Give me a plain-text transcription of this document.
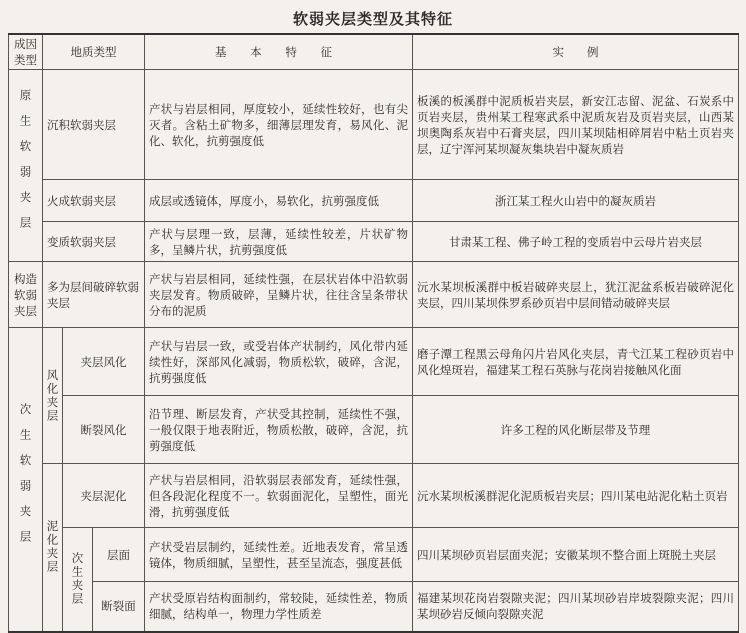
软弱夹层类型及其特征
成因
类型	地质类型			基 本 特 征	实　　例

原生软弱夹层	沉积软弱夹层			产状与岩层相同，厚度较小，延续性较好，也有尖灭者。含粘土矿物多，细薄层理发育，易风化、泥化、软化，抗剪强度低	板溪的板溪群中泥质板岩夹层，新安江志留、泥盆、石炭系中页岩夹层，贵州某工程寒武系中泥质灰岩及页岩夹层，山西某坝奥陶系灰岩中石膏夹层，四川某坝陆相碎屑岩中粘土页岩夹层，辽宁浑河某坝凝灰集块岩中凝灰质岩
	火成软弱夹层			成层或透镜体，厚度小，易软化，抗剪强度低	浙江某工程火山岩中的凝灰质岩
	变质软弱夹层			产状与层理一致，层薄，延续性较差，片状矿物多，呈鳞片状，抗剪强度低	甘肃某工程、佛子岭工程的变质岩中云母片岩夹层
构造软弱夹层	多为层间破碎软弱夹层			产状与岩层相同，延续性强，在层状岩体中沿软弱夹层发育。物质破碎，呈鳞片状，往往含呈条带状分布的泥质	沅水某坝板溪群中板岩破碎夹层上，犹江泥盆系板岩破碎泥化夹层，四川某坝侏罗系砂页岩中层间错动破碎夹层

次生软弱夹层	风化夹层	夹层风化		产状与岩层一致，或受岩体产状制约，风化带内延续性好，深部风化减弱，物质松软，破碎，含泥，抗剪强度低	磨子潭工程黑云母角闪片岩风化夹层，青弋江某工程砂页岩中风化煌斑岩，福建某工程石英脉与花岗岩接触风化面
		断裂风化		沿节理、断层发育，产状受其控制，延续性不强，一般仅限于地表附近，物质松散，破碎，含泥，抗剪强度低	许多工程的风化断层带及节理

	泥化夹层	夹层泥化		产状与岩层相同，沿软弱层表部发育，延续性强，但各段泥化程度不一。软弱面泥化，呈塑性，面光滑，抗剪强度低	沅水某坝板溪群泥化泥质板岩夹层；四川某电站泥化粘土页岩

		次生夹层	层面	产状受岩层制约，延续性差。近地表发育，常呈透镜体，物质细腻，呈塑性，甚至呈流态，强度甚低	四川某坝砂页岩层面夹泥；安徽某坝不整合面上斑脱土夹层
			断裂面	产状受原岩结构面制约，常较陡，延续性差，物质细腻，结构单一，物理力学性质差	福建某坝花岗岩裂隙夹泥；四川某坝砂岩岸坡裂隙夹泥；四川某坝砂岩反倾向裂隙夹泥
